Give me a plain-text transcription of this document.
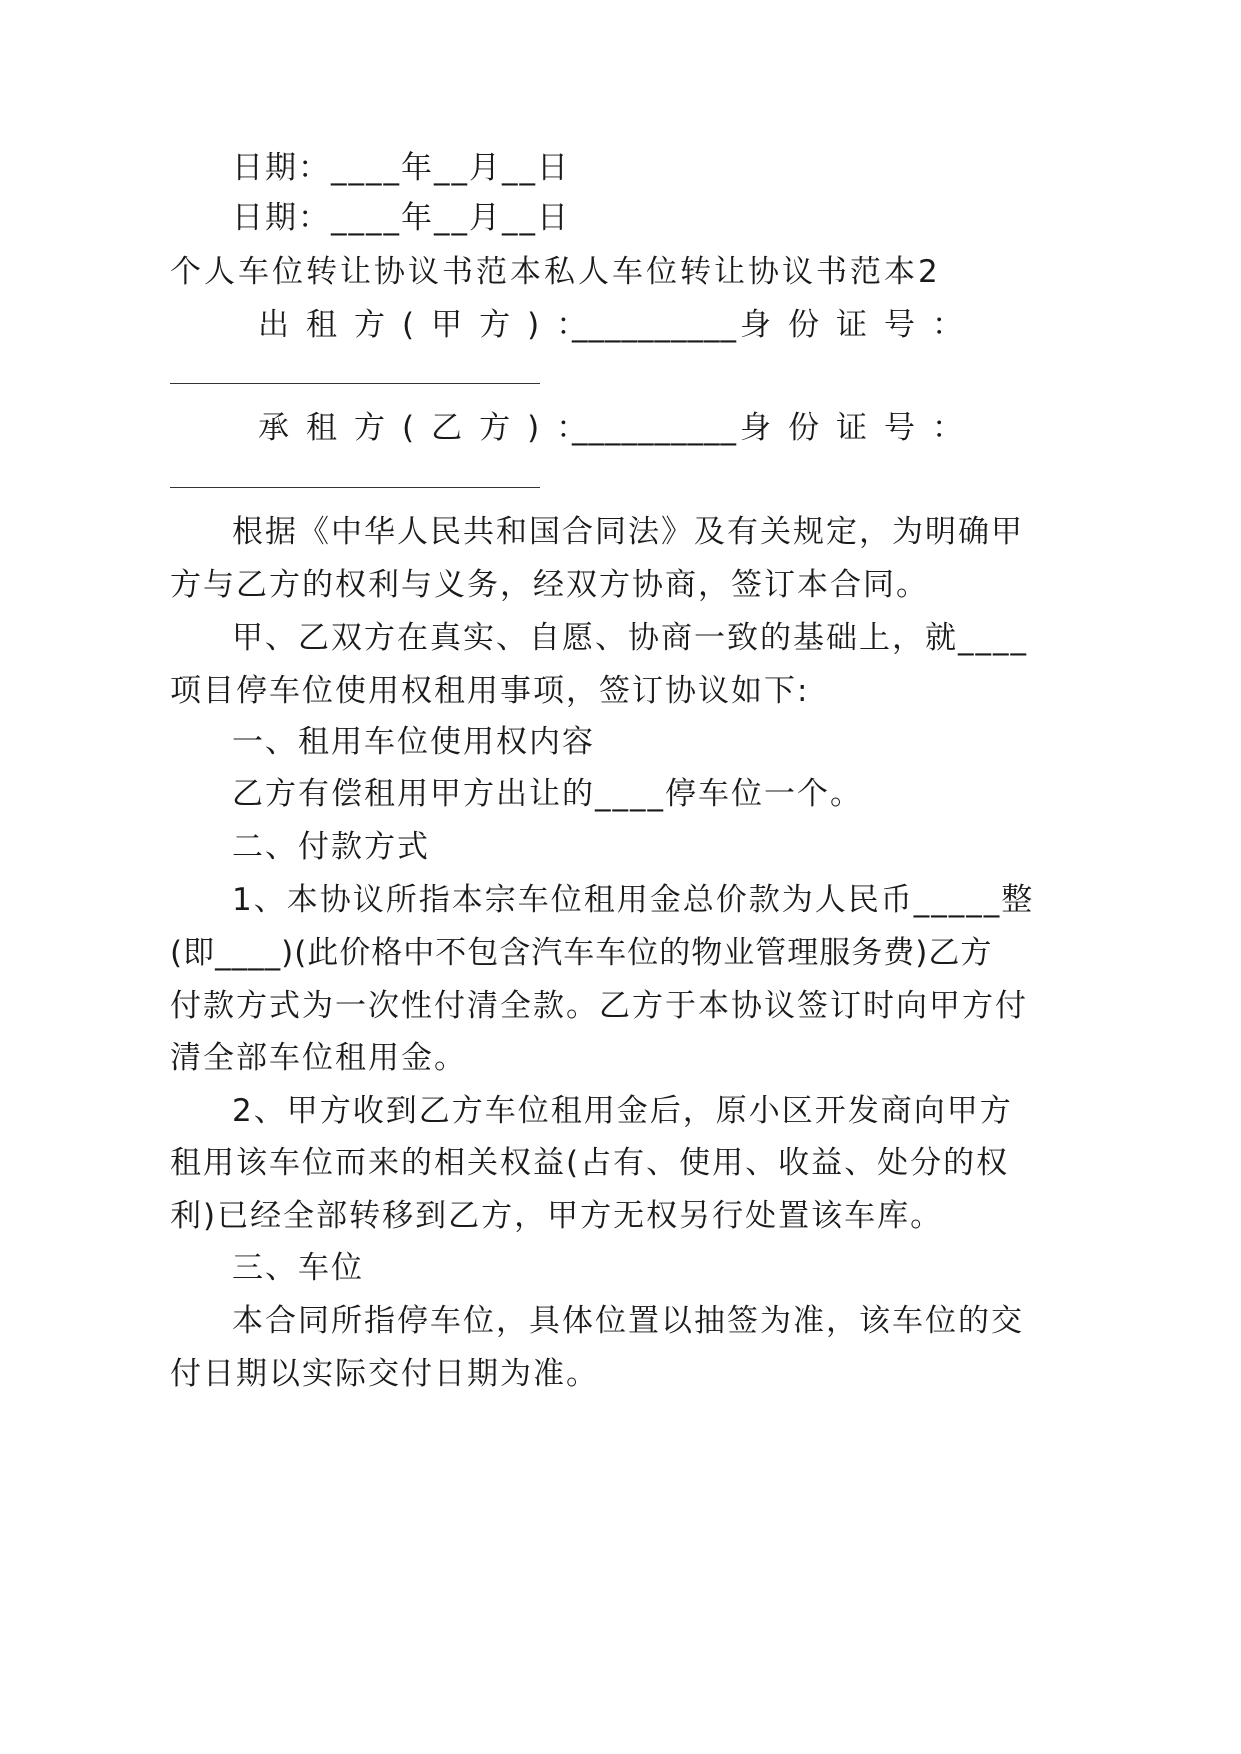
日期：____年__月__日
日期：____年__月__日
个人车位转让协议书范本私人车位转让协议书范本2
出租方(甲方)：
__________ 身份证号：
承租方(乙方)：
__________ 身份证号：
根据《中华人民共和国合同法》及有关规定，为明确甲
方与乙方的权利与义务，经双方协商，签订本合同。
甲、乙双方在真实、自愿、协商一致的基础上，就____
项目停车位使用权租用事项，签订协议如下:
一、租用车位使用权内容
乙方有偿租用甲方出让的____停车位一个。
二、付款方式
1、本协议所指本宗车位租用金总价款为人民币_____整
(即____)(此价格中不包含汽车车位的物业管理服务费)乙方
付款方式为一次性付清全款。乙方于本协议签订时向甲方付
清全部车位租用金。
2、甲方收到乙方车位租用金后，原小区开发商向甲方
租用该车位而来的相关权益(占有、使用、收益、处分的权
利)已经全部转移到乙方，甲方无权另行处置该车库。
三、车位
本合同所指停车位，具体位置以抽签为准，该车位的交
付日期以实际交付日期为准。
